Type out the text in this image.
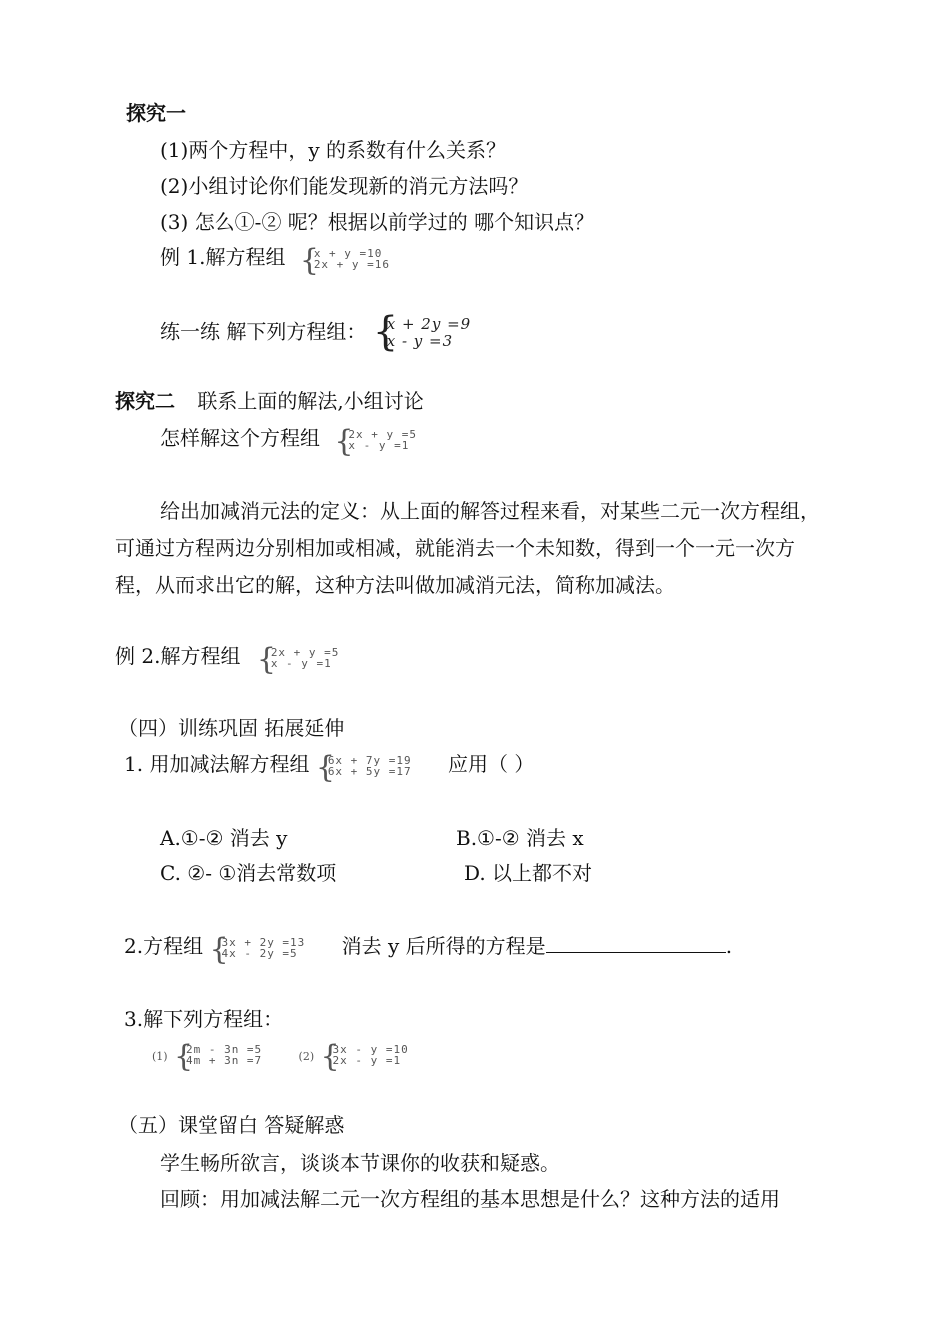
探究一
(1)两个方程中，y 的系数有什么关系？
(2)小组讨论你们能发现新的消元方法吗？
(3) 怎么①-② 呢？根据以前学过的 哪个知识点？
例 1.解方程组 {
x + y =10
2x + y =16
练一练 解下列方程组： {
x + 2y =9
x - y =3
探究二 联系上面的解法,小组讨论
怎样解这个方程组 {
2x + y =5
x - y =1
给出加减消元法的定义：从上面的解答过程来看，对某些二元一次方程组，
可通过方程两边分别相加或相减，就能消去一个未知数，得到一个一元一次方
程，从而求出它的解，这种方法叫做加减消元法，简称加减法。
例 2.解方程组 {
2x + y =5
x - y =1
（四）训练巩固 拓展延伸
1. 用加减法解方程组 {
6x + 7y =19
6x + 5y =17 应用（ ）
A.①-② 消去 y	B.①-② 消去 x
C. ②- ①消去常数项	D. 以上都不对
2.方程组 {
3x + 2y =13
4x - 2y =5	消去 y 后所得的方程是	.
3.解下列方程组：
(1) {
2m - 3n =5
4m + 3n =7	(2) {
3x - y =10
2x - y =1
（五）课堂留白 答疑解惑
学生畅所欲言，谈谈本节课你的收获和疑惑。
回顾：用加减法解二元一次方程组的基本思想是什么？这种方法的适用
